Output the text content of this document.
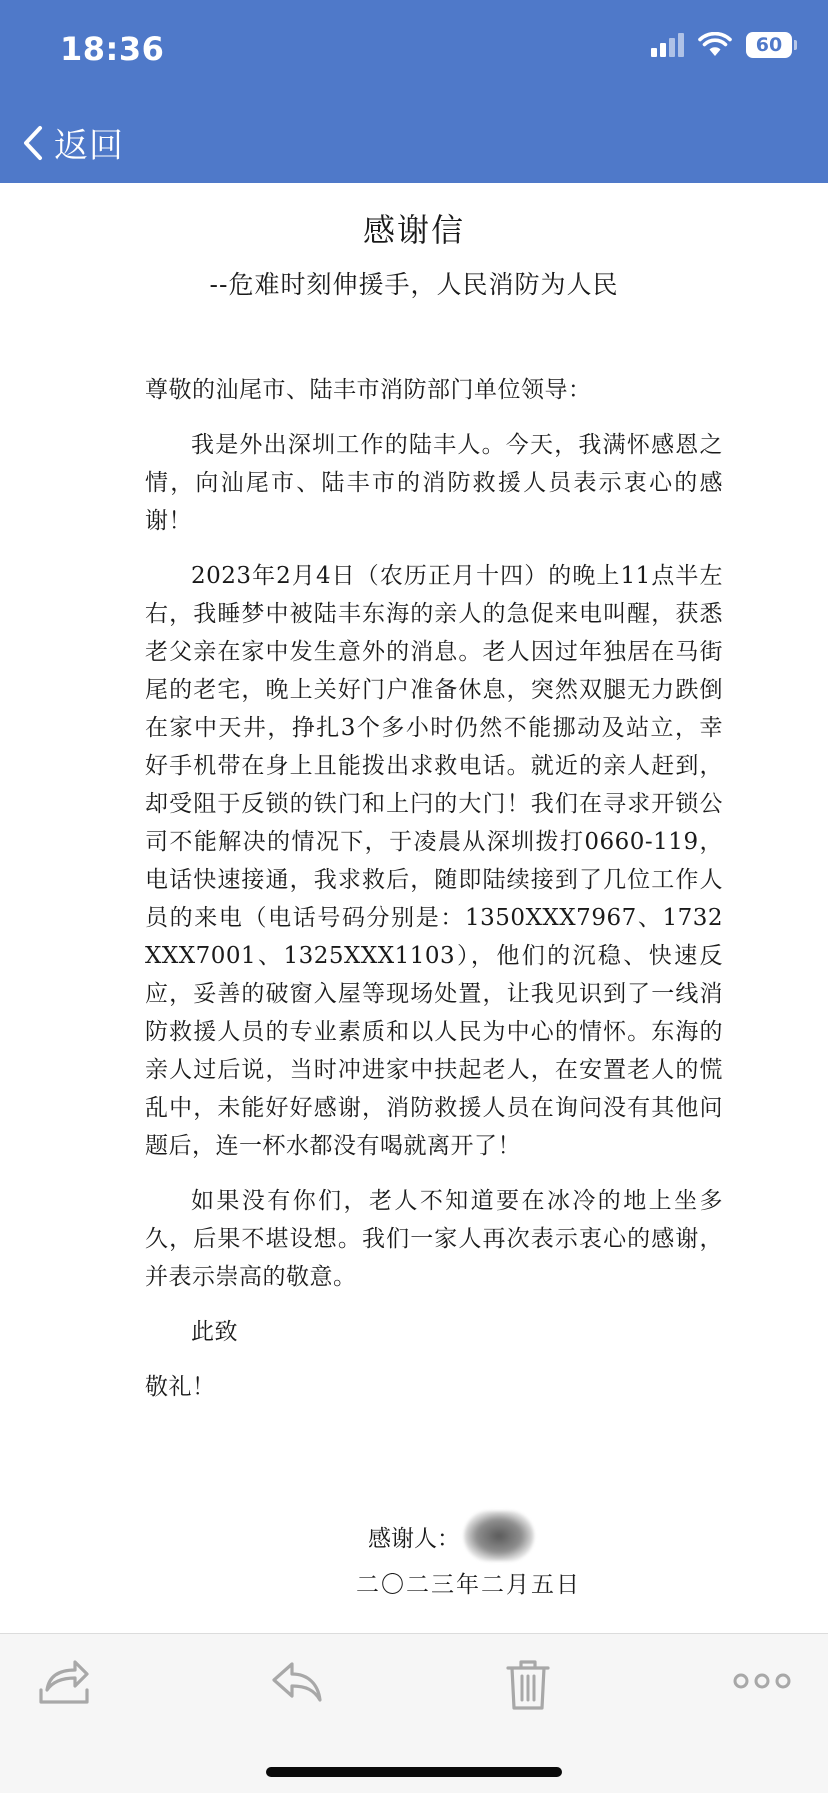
18:36	60
返回
感谢信
--危难时刻伸援手，人民消防为人民

尊敬的汕尾市、陆丰市消防部门单位领导：

我是外出深圳工作的陆丰人。今天，我满怀感恩之情，向汕尾市、陆丰市的消防救援人员表示衷心的感谢！

2023年2月4日（农历正月十四）的晚上11点半左右，我睡梦中被陆丰东海的亲人的急促来电叫醒，获悉老父亲在家中发生意外的消息。老人因过年独居在马街尾的老宅，晚上关好门户准备休息，突然双腿无力跌倒在家中天井，挣扎3个多小时仍然不能挪动及站立，幸好手机带在身上且能拨出求救电话。就近的亲人赶到，却受阻于反锁的铁门和上闩的大门！我们在寻求开锁公司不能解决的情况下，于凌晨从深圳拨打0660-119，电话快速接通，我求救后，随即陆续接到了几位工作人员的来电（电话号码分别是：1350XXX7967、1732XXX7001、1325XXX1103），他们的沉稳、快速反应，妥善的破窗入屋等现场处置，让我见识到了一线消防救援人员的专业素质和以人民为中心的情怀。东海的亲人过后说，当时冲进家中扶起老人，在安置老人的慌乱中，未能好好感谢，消防救援人员在询问没有其他问题后，连一杯水都没有喝就离开了！

如果没有你们，老人不知道要在冰冷的地上坐多久，后果不堪设想。我们一家人再次表示衷心的感谢，并表示崇高的敬意。

此致

敬礼！

感谢人：
二〇二三年二月五日
